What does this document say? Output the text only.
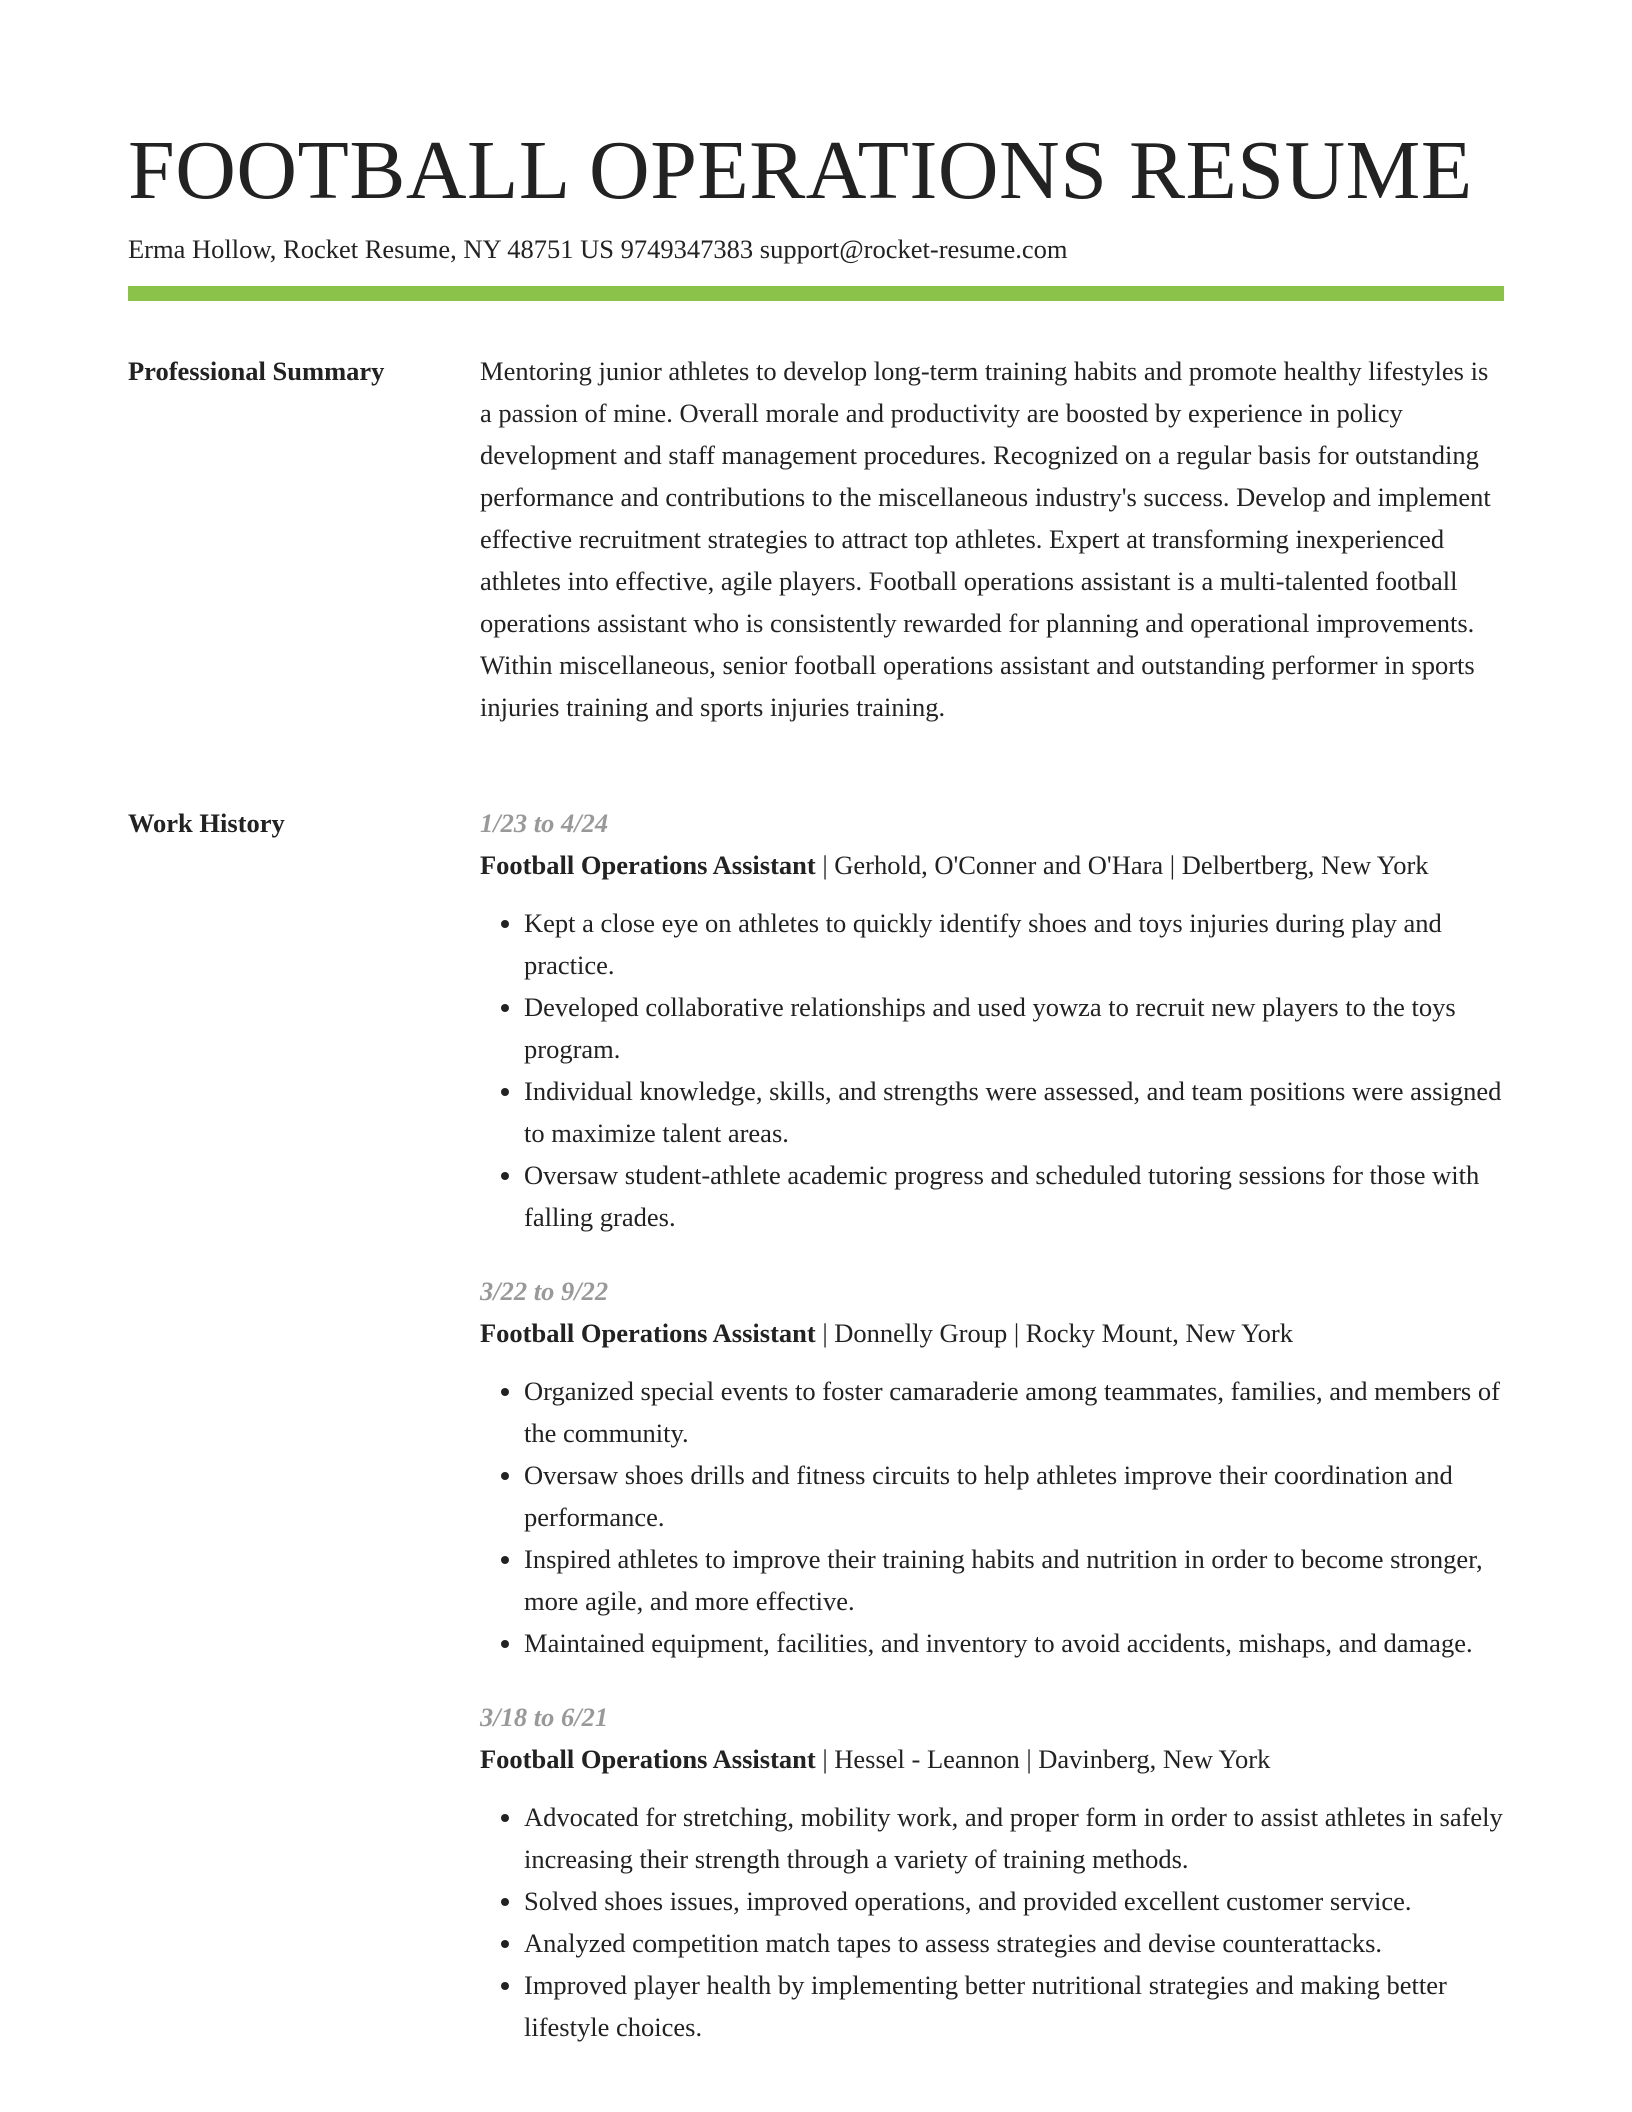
FOOTBALL OPERATIONS RESUME
Erma Hollow, Rocket Resume, NY 48751 US 9749347383 support@rocket-resume.com
Professional Summary	Mentoring junior athletes to develop long-term training habits and promote healthy lifestyles is a passion of mine. Overall morale and productivity are boosted by experience in policy development and staff management procedures. Recognized on a regular basis for outstanding performance and contributions to the miscellaneous industry's success. Develop and implement effective recruitment strategies to attract top athletes. Expert at transforming inexperienced athletes into effective, agile players. Football operations assistant is a multi-talented football operations assistant who is consistently rewarded for planning and operational improvements. Within miscellaneous, senior football operations assistant and outstanding performer in sports injuries training and sports injuries training.

Work History	1/23 to 4/24
Football Operations Assistant | Gerhold, O'Conner and O'Hara | Delbertberg, New York
• Kept a close eye on athletes to quickly identify shoes and toys injuries during play and practice.
• Developed collaborative relationships and used yowza to recruit new players to the toys program.
• Individual knowledge, skills, and strengths were assessed, and team positions were assigned to maximize talent areas.
• Oversaw student-athlete academic progress and scheduled tutoring sessions for those with falling grades.
3/22 to 9/22
Football Operations Assistant | Donnelly Group | Rocky Mount, New York
• Organized special events to foster camaraderie among teammates, families, and members of the community.
• Oversaw shoes drills and fitness circuits to help athletes improve their coordination and performance.
• Inspired athletes to improve their training habits and nutrition in order to become stronger, more agile, and more effective.
• Maintained equipment, facilities, and inventory to avoid accidents, mishaps, and damage.
3/18 to 6/21
Football Operations Assistant | Hessel - Leannon | Davinberg, New York
• Advocated for stretching, mobility work, and proper form in order to assist athletes in safely increasing their strength through a variety of training methods.
• Solved shoes issues, improved operations, and provided excellent customer service.
• Analyzed competition match tapes to assess strategies and devise counterattacks.
• Improved player health by implementing better nutritional strategies and making better lifestyle choices.
